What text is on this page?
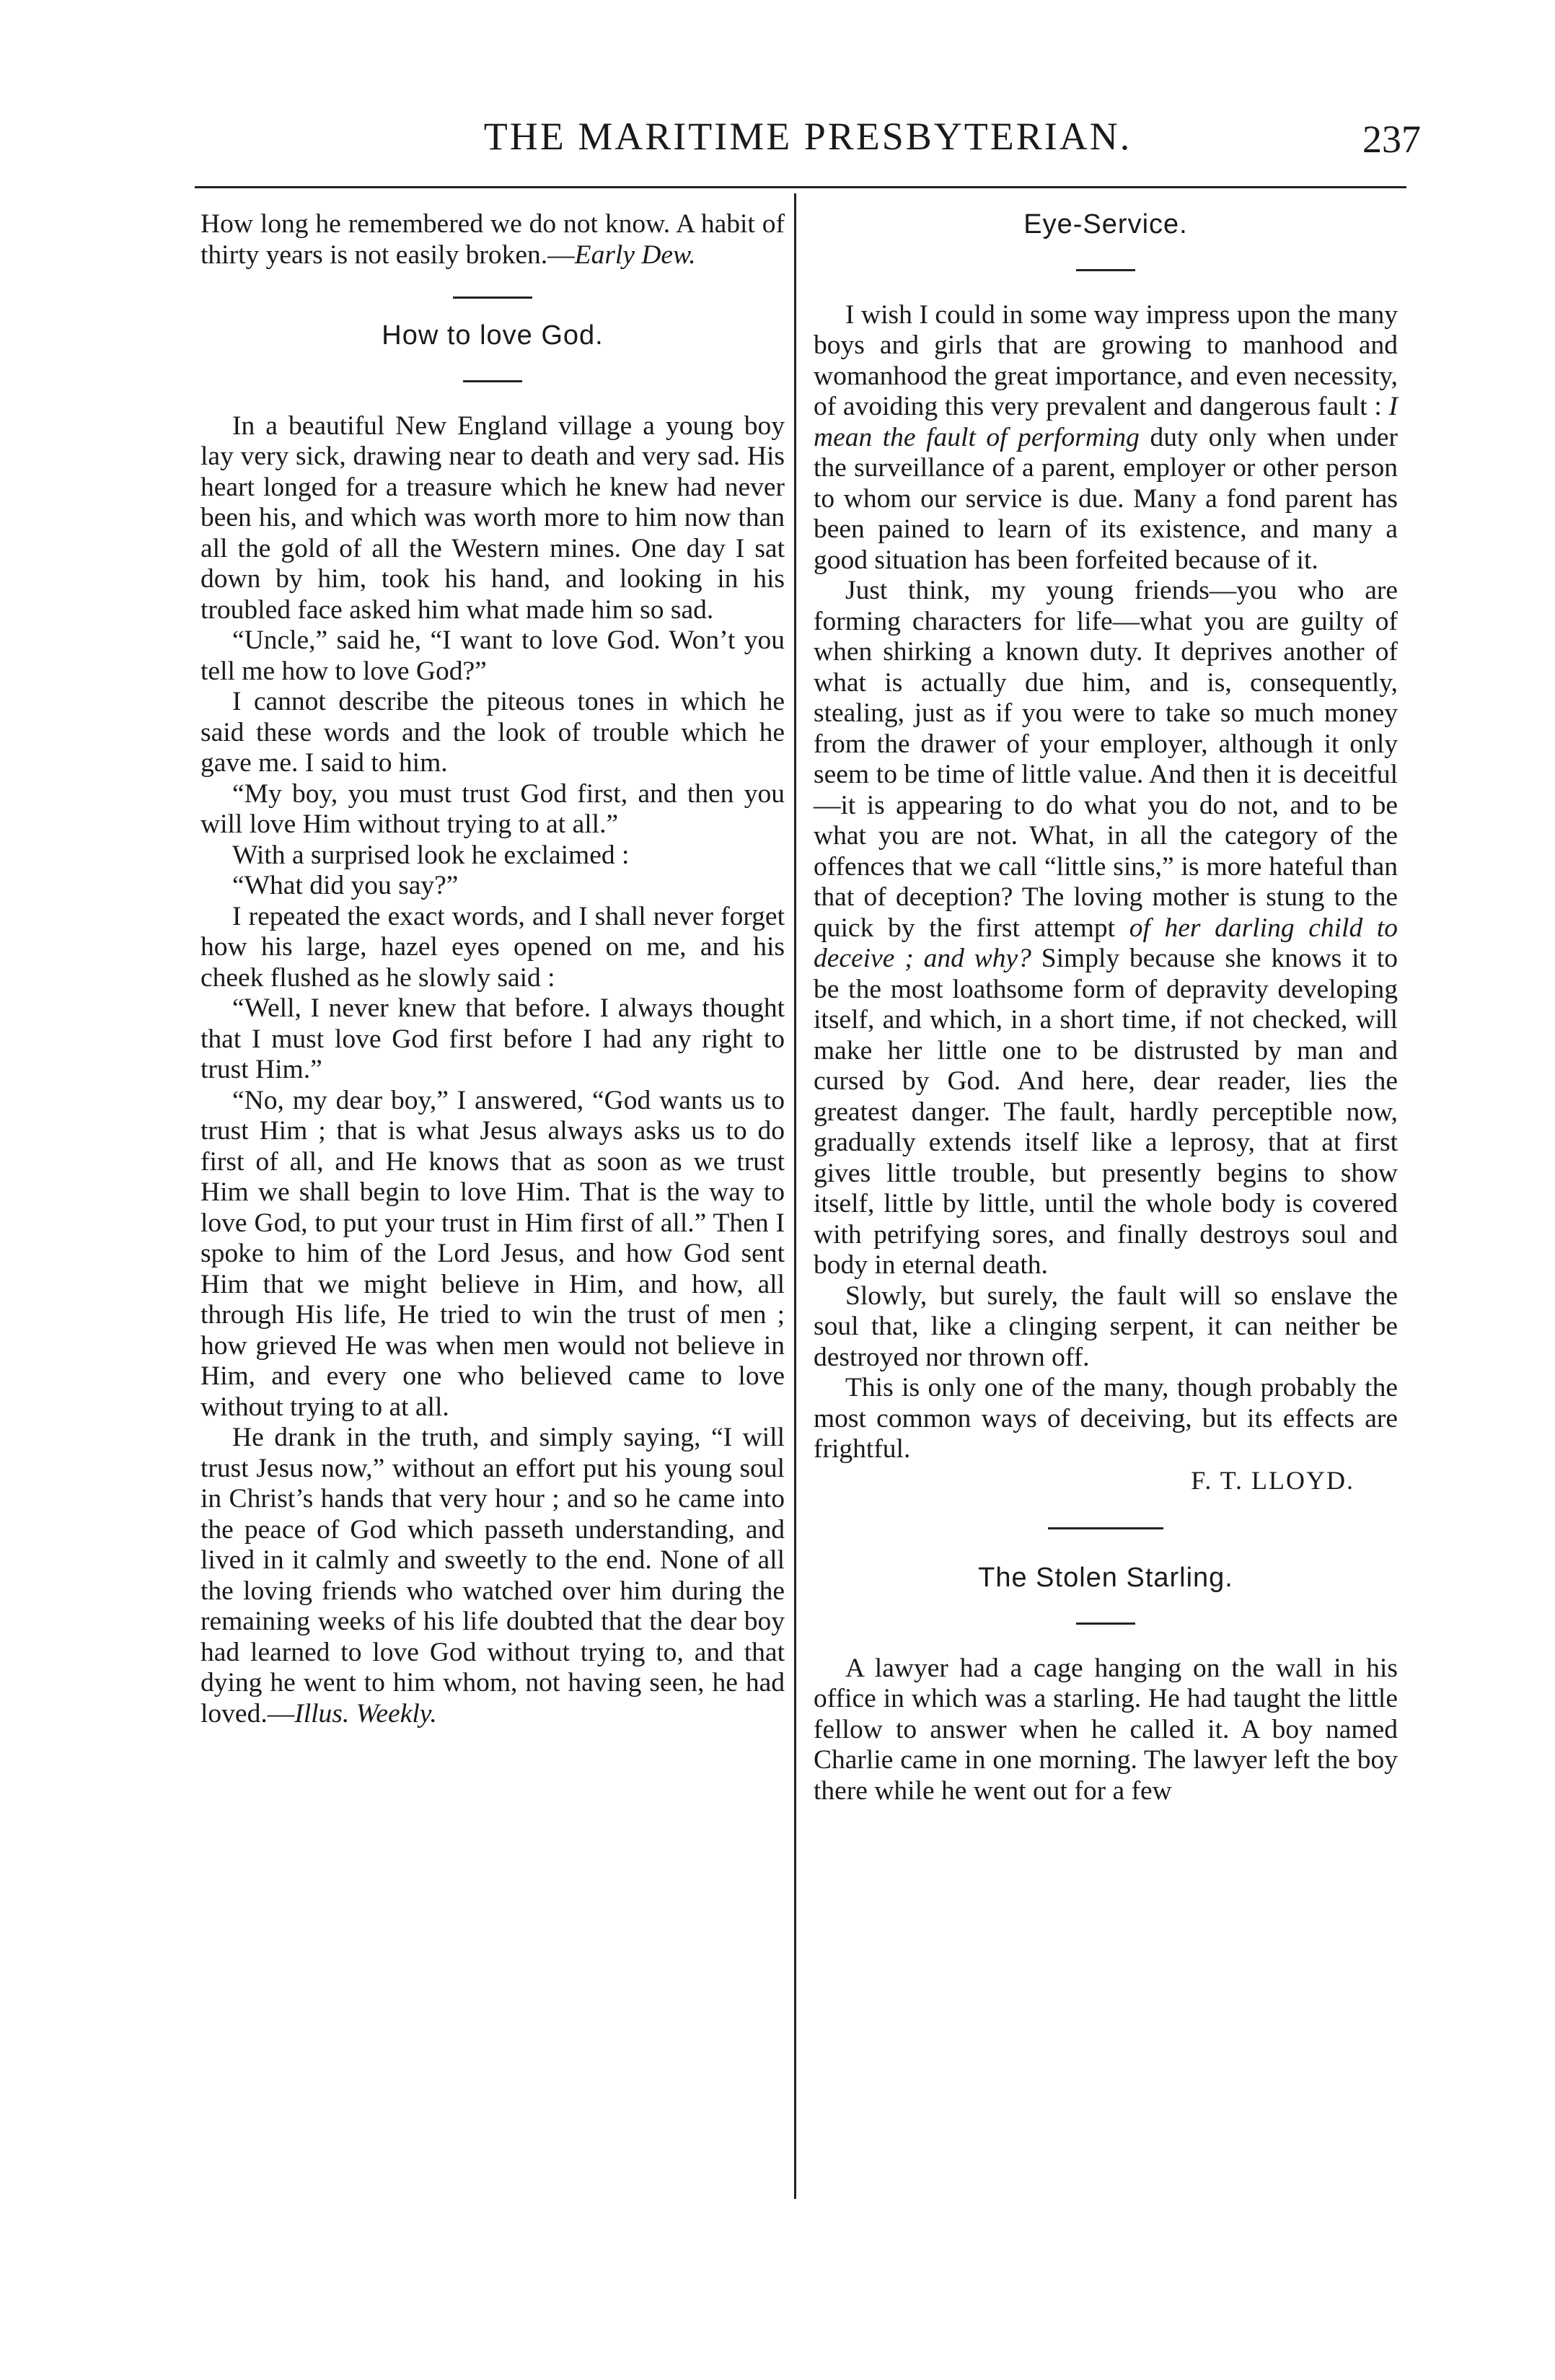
THE MARITIME PRESBYTERIAN.	237

How long he remembered we do not know. A habit of thirty years is not easily broken.—Early Dew.

How to love God.

In a beautiful New England village a young boy lay very sick, drawing near to death and very sad. His heart longed for a treasure which he knew had never been his, and which was worth more to him now than all the gold of all the Western mines. One day I sat down by him, took his hand, and looking in his troubled face asked him what made him so sad.

“Uncle,” said he, “I want to love God. Won’t you tell me how to love God?”

I cannot describe the piteous tones in which he said these words and the look of trouble which he gave me. I said to him.

“My boy, you must trust God first, and then you will love Him without trying to at all.”

With a surprised look he exclaimed :

“What did you say?”

I repeated the exact words, and I shall never forget how his large, hazel eyes opened on me, and his cheek flushed as he slowly said :

“Well, I never knew that before. I always thought that I must love God first before I had any right to trust Him.”

“No, my dear boy,” I answered, “God wants us to trust Him ; that is what Jesus always asks us to do first of all, and He knows that as soon as we trust Him we shall begin to love Him. That is the way to love God, to put your trust in Him first of all.” Then I spoke to him of the Lord Jesus, and how God sent Him that we might believe in Him, and how, all through His life, He tried to win the trust of men ; how grieved He was when men would not believe in Him, and every one who believed came to love without trying to at all.

He drank in the truth, and simply saying, “I will trust Jesus now,” without an effort put his young soul in Christ’s hands that very hour ; and so he came into the peace of God which passeth understanding, and lived in it calmly and sweetly to the end. None of all the loving friends who watched over him during the remaining weeks of his life doubted that the dear boy had learned to love God without trying to, and that dying he went to him whom, not having seen, he had loved.—Illus. Weekly.

Eye-Service.

I wish I could in some way impress upon the many boys and girls that are growing to manhood and womanhood the great importance, and even necessity, of avoiding this very prevalent and dangerous fault : I mean the fault of performing duty only when under the surveillance of a parent, employer or other person to whom our service is due. Many a fond parent has been pained to learn of its existence, and many a good situation has been forfeited because of it.

Just think, my young friends—you who are forming characters for life—what you are guilty of when shirking a known duty. It deprives another of what is actually due him, and is, consequently, stealing, just as if you were to take so much money from the drawer of your employer, although it only seem to be time of little value. And then it is deceitful—it is appearing to do what you do not, and to be what you are not. What, in all the category of the offences that we call “little sins,” is more hateful than that of deception? The loving mother is stung to the quick by the first attempt of her darling child to deceive ; and why? Simply because she knows it to be the most loathsome form of depravity developing itself, and which, in a short time, if not checked, will make her little one to be distrusted by man and cursed by God. And here, dear reader, lies the greatest danger. The fault, hardly perceptible now, gradually extends itself like a leprosy, that at first gives little trouble, but presently begins to show itself, little by little, until the whole body is covered with petrifying sores, and finally destroys soul and body in eternal death.

Slowly, but surely, the fault will so enslave the soul that, like a clinging serpent, it can neither be destroyed nor thrown off.

This is only one of the many, though probably the most common ways of deceiving, but its effects are frightful.

F. T. LLOYD.

The Stolen Starling.

A lawyer had a cage hanging on the wall in his office in which was a starling. He had taught the little fellow to answer when he called it. A boy named Charlie came in one morning. The lawyer left the boy there while he went out for a few
